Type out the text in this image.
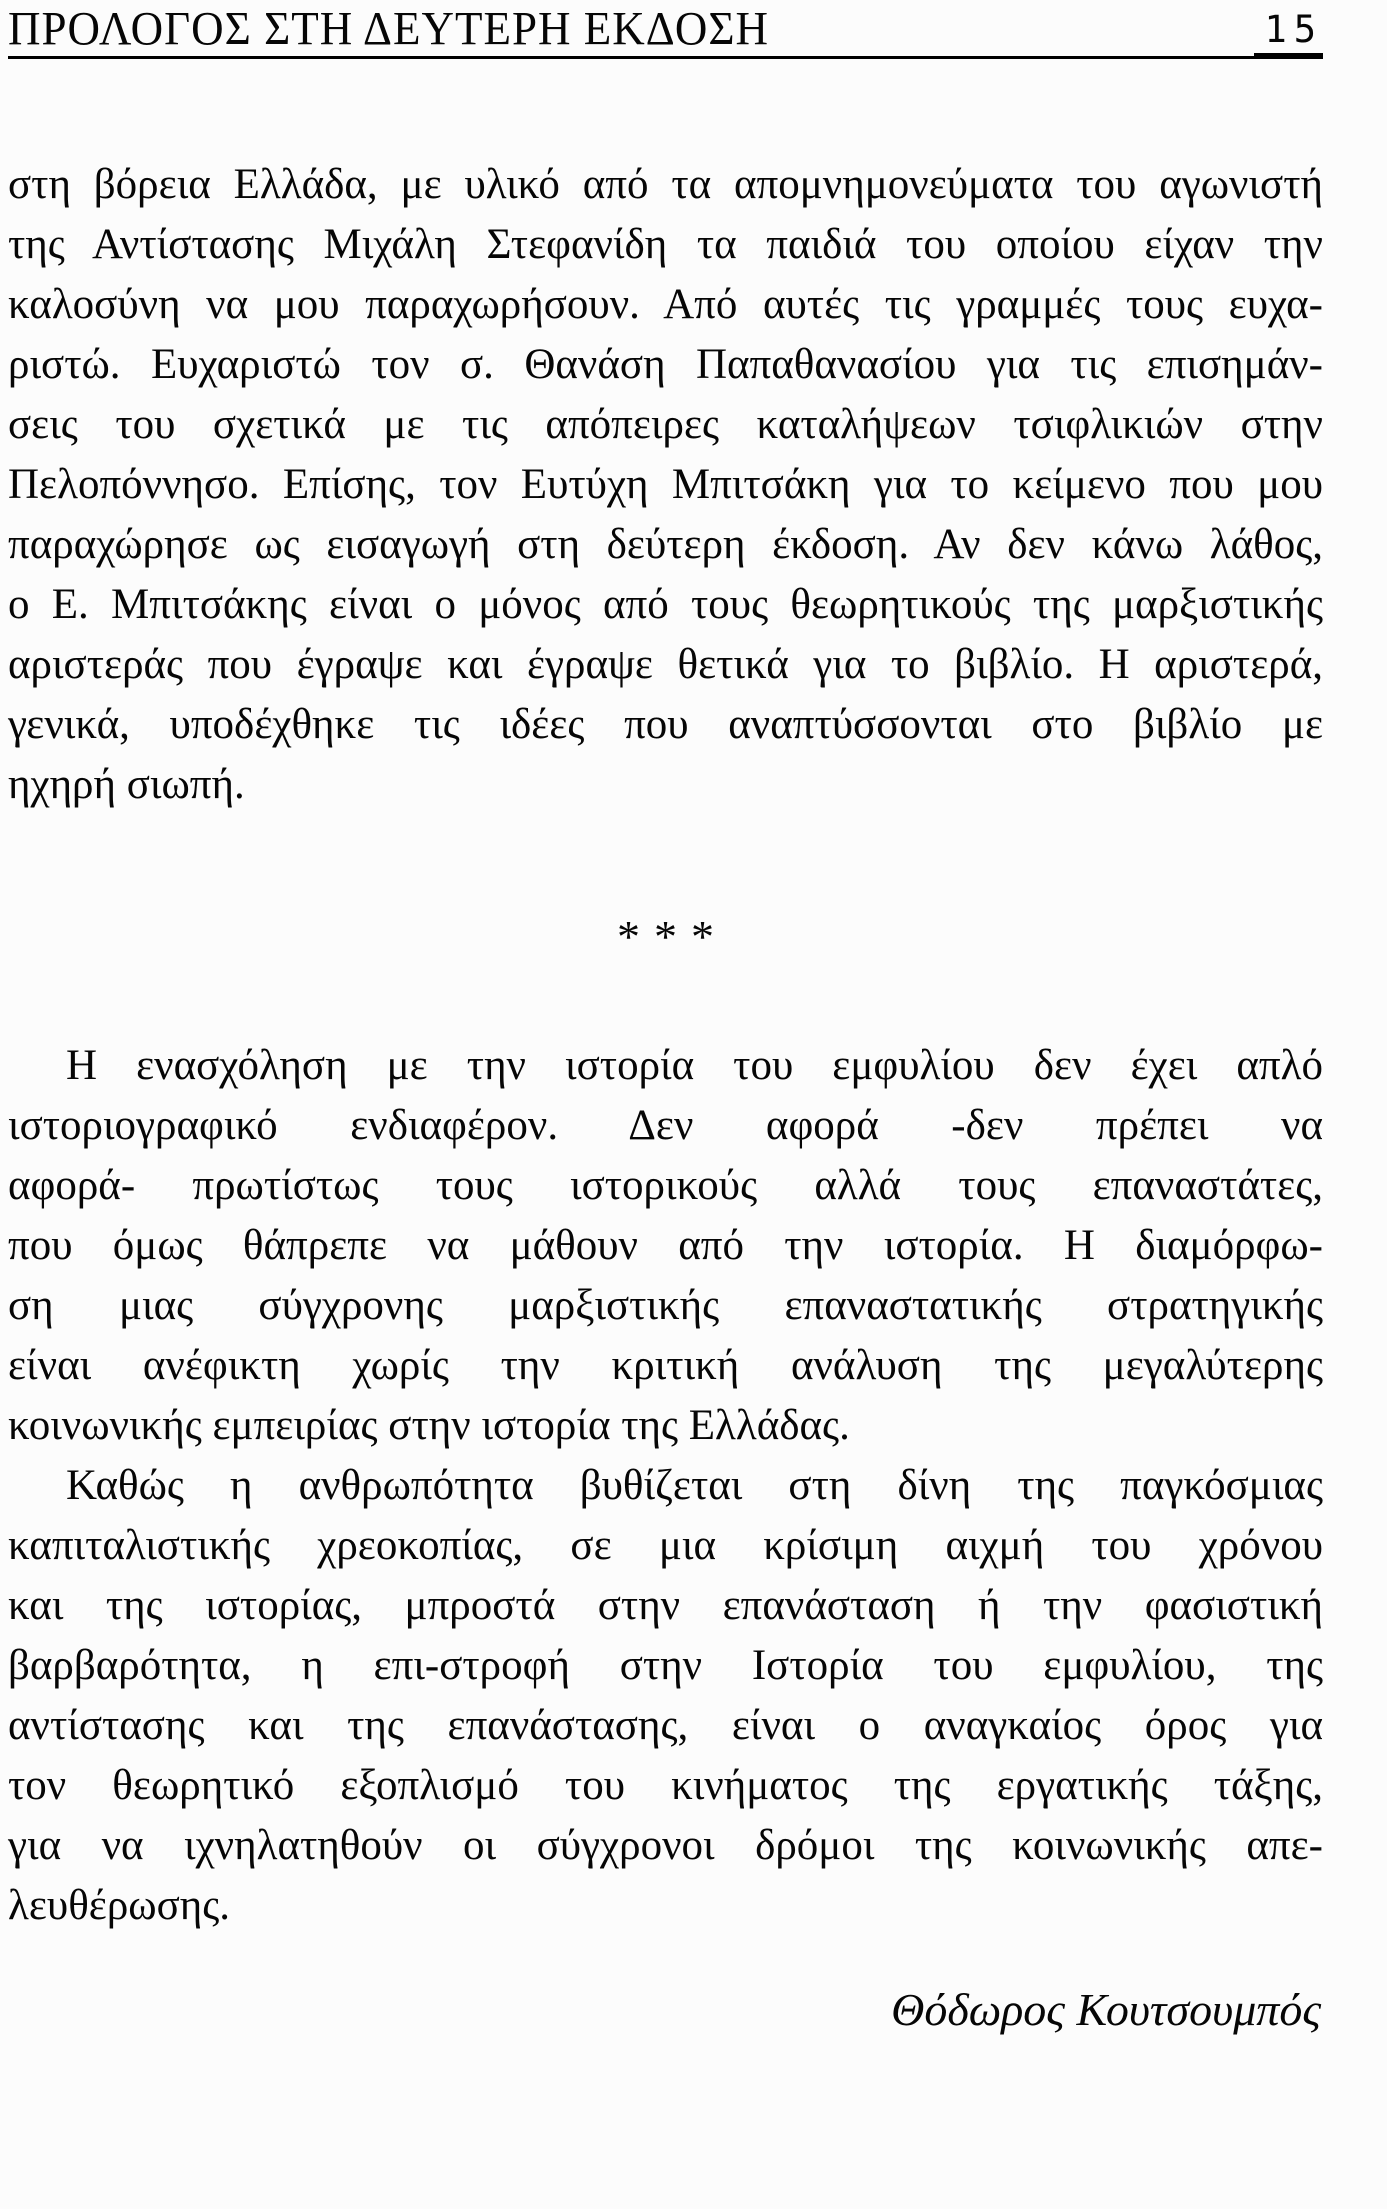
ΠΡΟΛΟΓΟΣ ΣΤΗ ΔΕΥΤΕΡΗ ΕΚΔΟΣΗ	15
στη βόρεια Ελλάδα, με υλικό από τα απομνημονεύματα του αγωνιστή
της Αντίστασης Μιχάλη Στεφανίδη τα παιδιά του οποίου είχαν την
καλοσύνη να μου παραχωρήσουν. Από αυτές τις γραμμές τους ευχα-
ριστώ. Ευχαριστώ τον σ. Θανάση Παπαθανασίου για τις επισημάν-
σεις του σχετικά με τις απόπειρες καταλήψεων τσιφλικιών στην
Πελοπόννησο. Επίσης, τον Ευτύχη Μπιτσάκη για το κείμενο που μου
παραχώρησε ως εισαγωγή στη δεύτερη έκδοση. Αν δεν κάνω λάθος,
ο Ε. Μπιτσάκης είναι ο μόνος από τους θεωρητικούς της μαρξιστικής
αριστεράς που έγραψε και έγραψε θετικά για το βιβλίο. Η αριστερά,
γενικά, υποδέχθηκε τις ιδέες που αναπτύσσονται στο βιβλίο με
ηχηρή σιωπή.
***
Η ενασχόληση με την ιστορία του εμφυλίου δεν έχει απλό
ιστοριογραφικό ενδιαφέρον. Δεν αφορά -δεν πρέπει να
αφορά- πρωτίστως τους ιστορικούς αλλά τους επαναστάτες,
που όμως θάπρεπε να μάθουν από την ιστορία. Η διαμόρφω-
ση μιας σύγχρονης μαρξιστικής επαναστατικής στρατηγικής
είναι ανέφικτη χωρίς την κριτική ανάλυση της μεγαλύτερης
κοινωνικής εμπειρίας στην ιστορία της Ελλάδας.
Καθώς η ανθρωπότητα βυθίζεται στη δίνη της παγκόσμιας
καπιταλιστικής χρεοκοπίας, σε μια κρίσιμη αιχμή του χρόνου
και της ιστορίας, μπροστά στην επανάσταση ή την φασιστική
βαρβαρότητα, η επι-στροφή στην Ιστορία του εμφυλίου, της
αντίστασης και της επανάστασης, είναι ο αναγκαίος όρος για
τον θεωρητικό εξοπλισμό του κινήματος της εργατικής τάξης,
για να ιχνηλατηθούν οι σύγχρονοι δρόμοι της κοινωνικής απε-
λευθέρωσης.
Θόδωρος Κουτσουμπός
